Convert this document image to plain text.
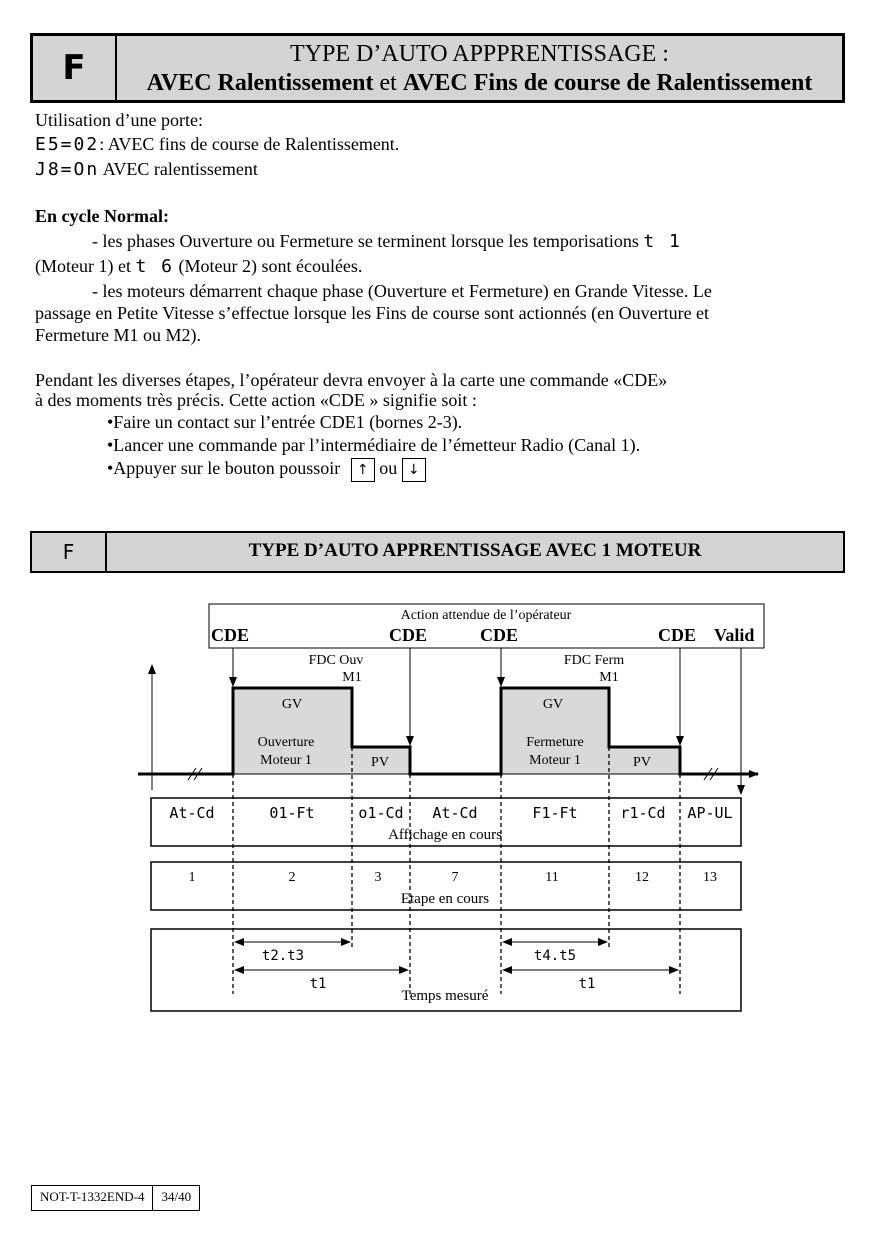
F	TYPE D’AUTO APPPRENTISSAGE :
AVEC Ralentissement et AVEC Fins de course de Ralentissement
Utilisation d’une porte:
E5=02: AVEC fins de course de Ralentissement.
J8=On AVEC ralentissement
En cycle Normal:
- les phases Ouverture ou Fermeture se terminent lorsque les temporisations t 1
(Moteur 1) et t 6 (Moteur 2) sont écoulées.
- les moteurs démarrent chaque phase (Ouverture et Fermeture) en Grande Vitesse. Le
passage en Petite Vitesse s’effectue lorsque les Fins de course sont actionnés (en Ouverture et
Fermeture M1 ou M2).
Pendant les diverses étapes, l’opérateur devra envoyer à la carte une commande «CDE»
à des moments très précis. Cette action «CDE » signifie soit :
•Faire un contact sur l’entrée CDE1 (bornes 2-3).
•Lancer une commande par l’intermédiaire de l’émetteur Radio (Canal 1).
•Appuyer sur le bouton poussoir ↑ ou ↓
F	TYPE D’AUTO APPRENTISSAGE AVEC 1 MOTEUR
Action attendue de l’opérateur
CDE	CDE	CDE	CDE Valid
FDC Ouv
M1
FDC Ferm
M1
GV
Ouverture
Moteur 1	PV
GV
Fermeture
Moteur 1	PV
At-Cd	01-Ft	o1-Cd At-Cd	F1-Ft	r1-Cd AP-UL
Affichage en cours
1	2	3	7	11	12	13
Etape en cours
t2.t3
t1
t4.t5
t1
Temps mesuré
NOT-T-1332END-4	34/40
